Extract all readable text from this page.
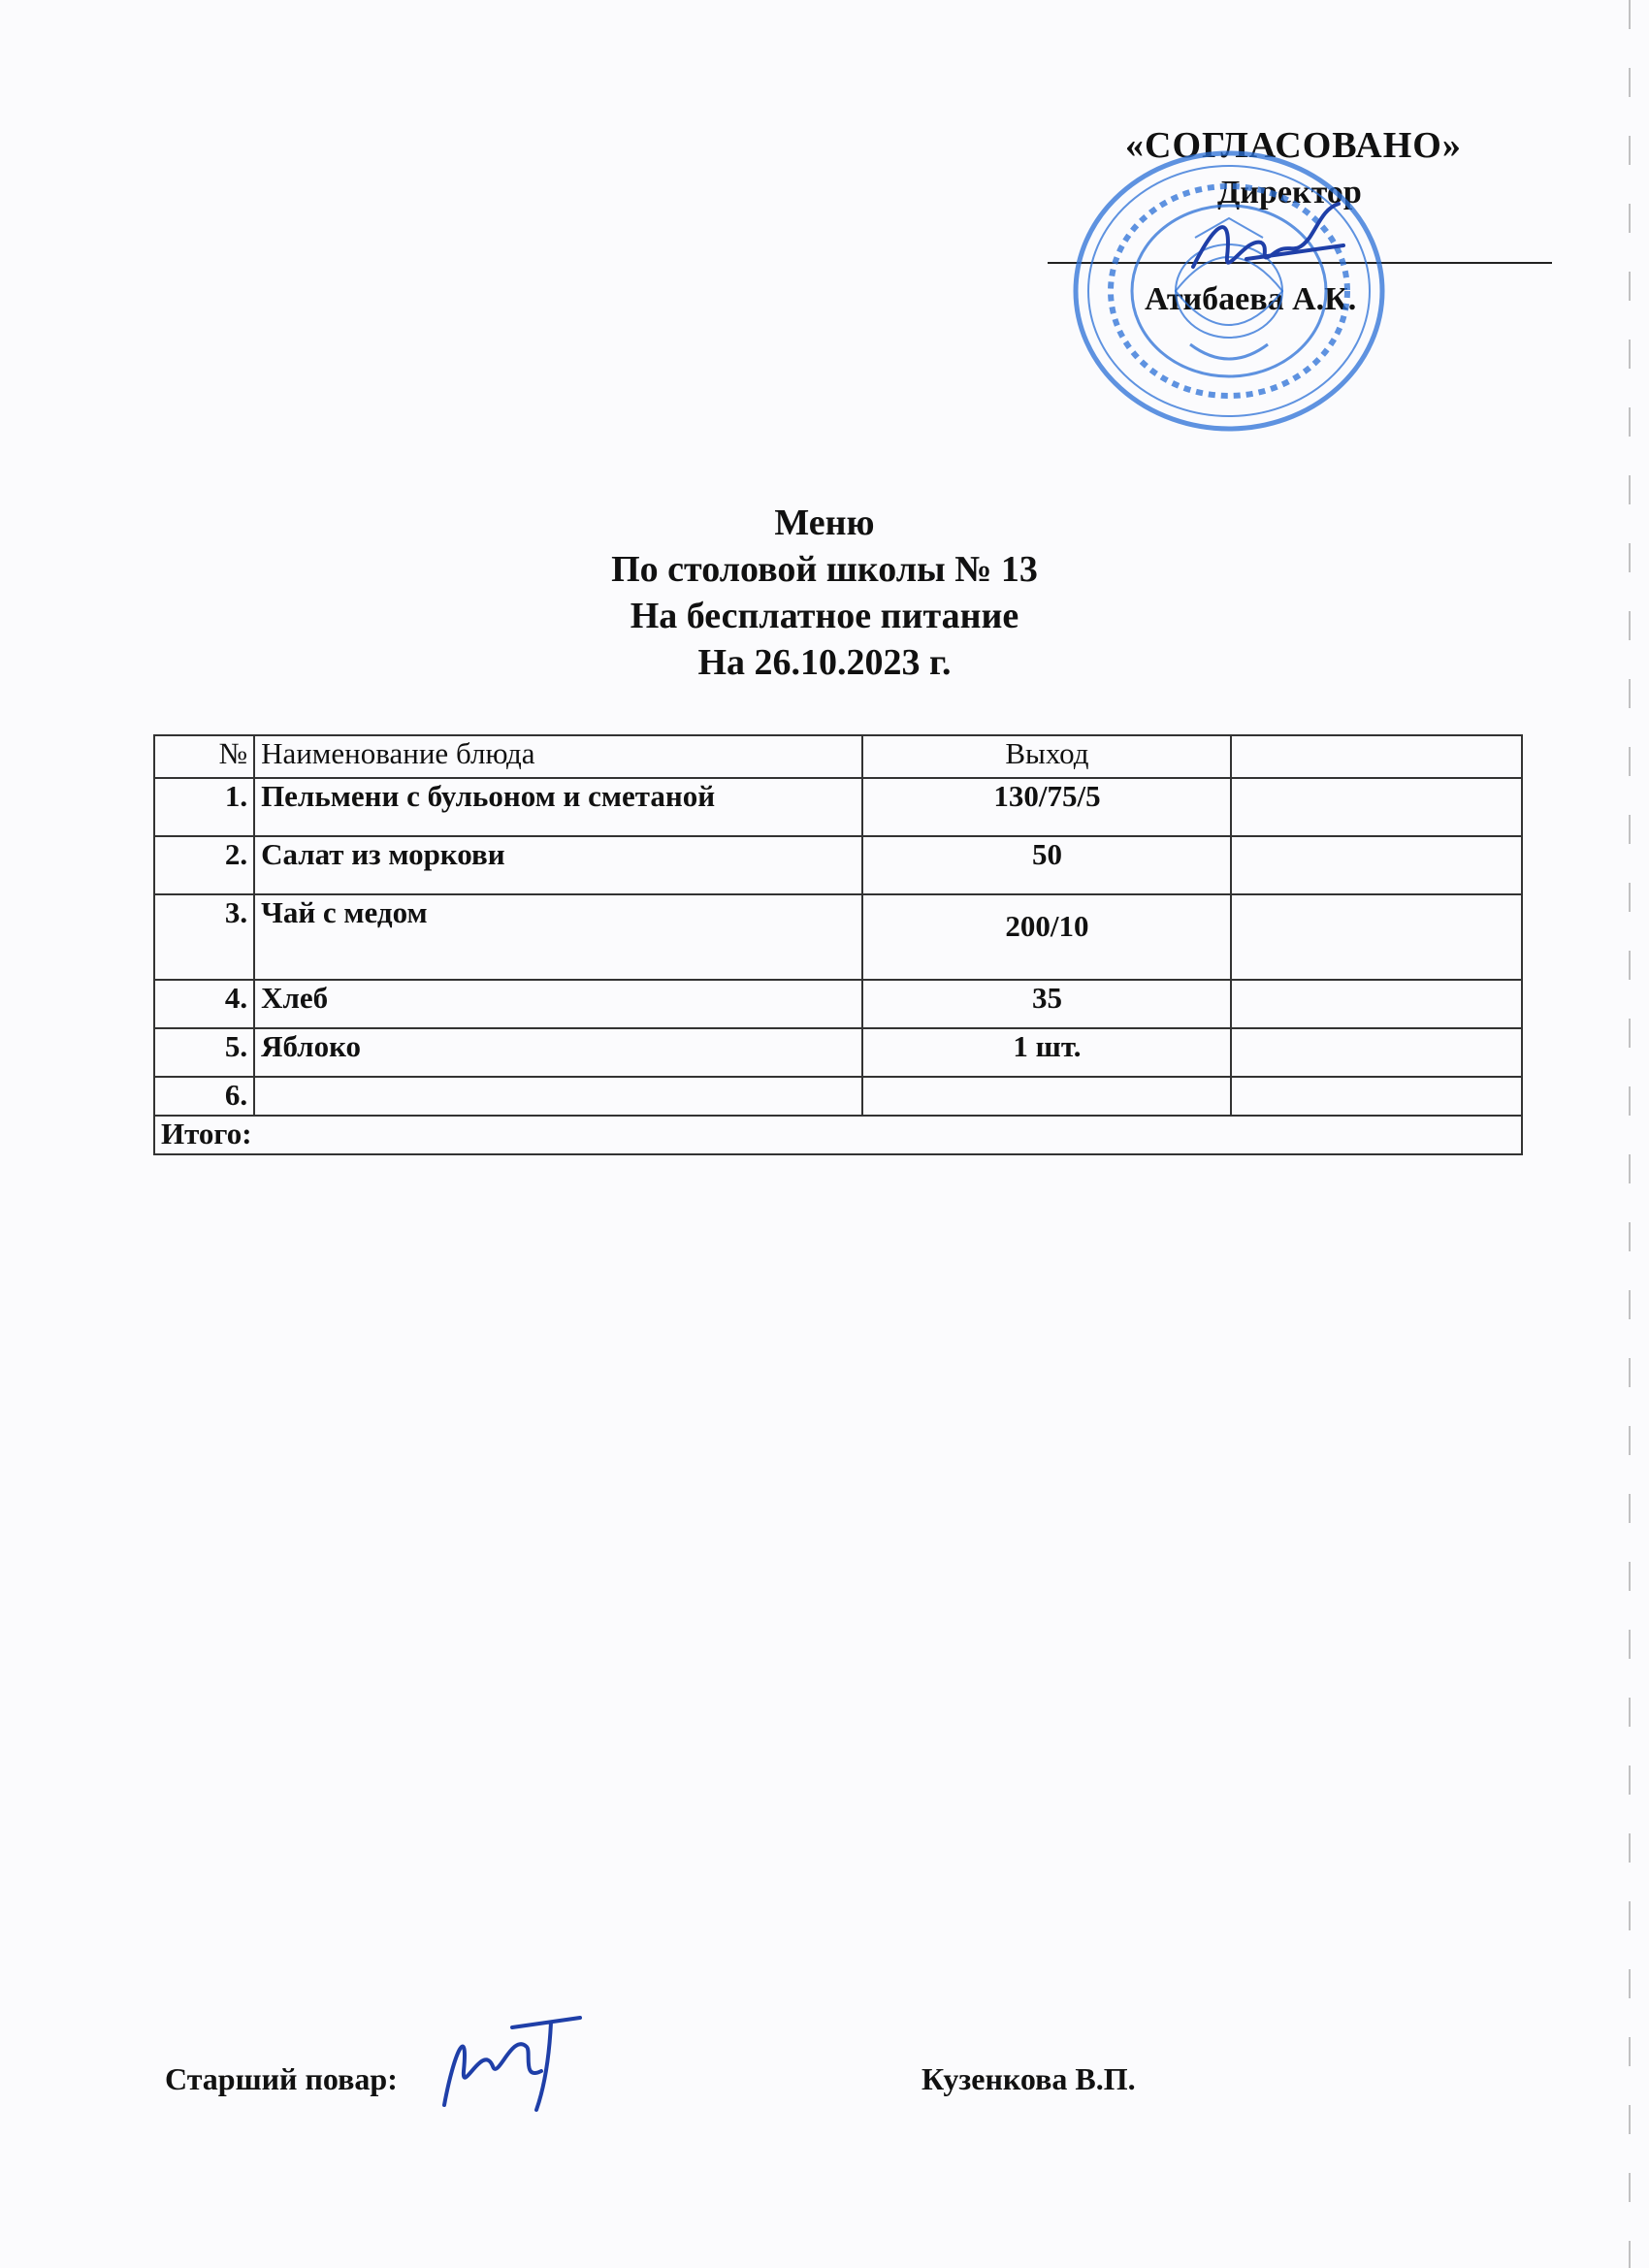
«СОГЛАСОВАНО»
Директор
Атибаева А.К.
Меню
По столовой школы № 13
На бесплатное питание
На 26.10.2023 г.
№	Наименование блюда	Выход	
1.	Пельмени с бульоном и сметаной	130/75/5	
2.	Салат из моркови	50	
3.	Чай с медом	200/10	
4.	Хлеб	35	
5.	Яблоко	1 шт.	
6.			
Итого:			
Старший повар:	Кузенкова В.П.
